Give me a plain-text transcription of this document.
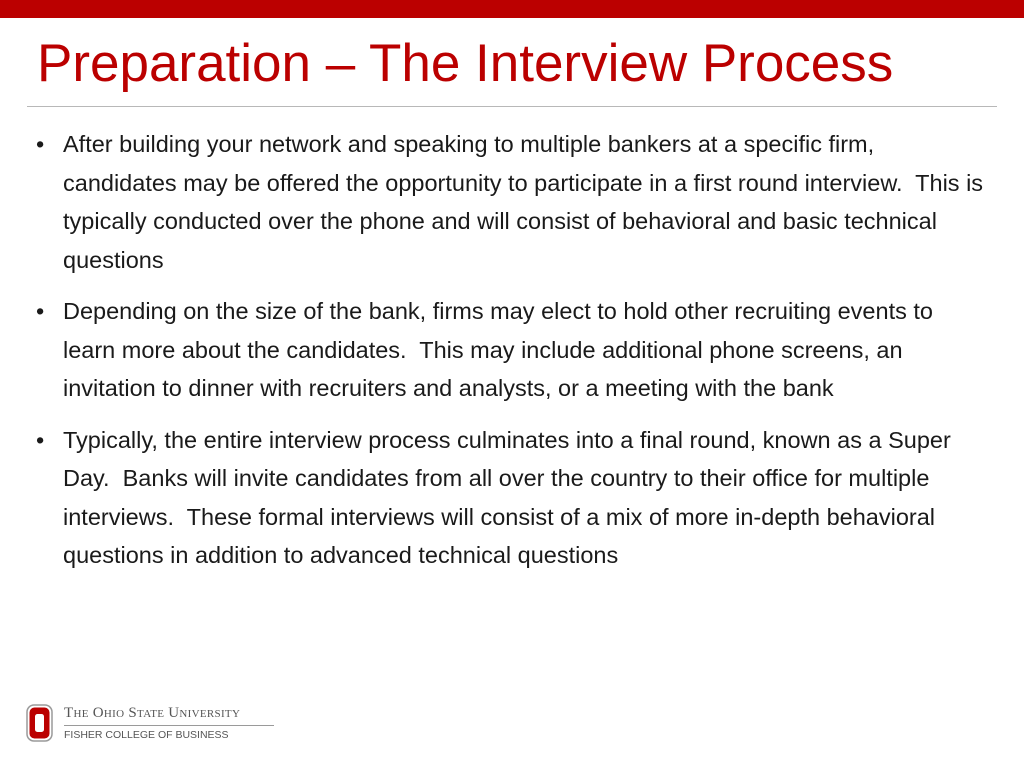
Preparation – The Interview Process
• After building your network and speaking to multiple bankers at a specific firm, candidates may be offered the opportunity to participate in a first round interview.  This is typically conducted over the phone and will consist of behavioral and basic technical questions
• Depending on the size of the bank, firms may elect to hold other recruiting events to learn more about the candidates.  This may include additional phone screens, an invitation to dinner with recruiters and analysts, or a meeting with the bank
• Typically, the entire interview process culminates into a final round, known as a Super Day.  Banks will invite candidates from all over the country to their office for multiple interviews.  These formal interviews will consist of a mix of more in-depth behavioral questions in addition to advanced technical questions
The Ohio State University
FISHER COLLEGE OF BUSINESS
